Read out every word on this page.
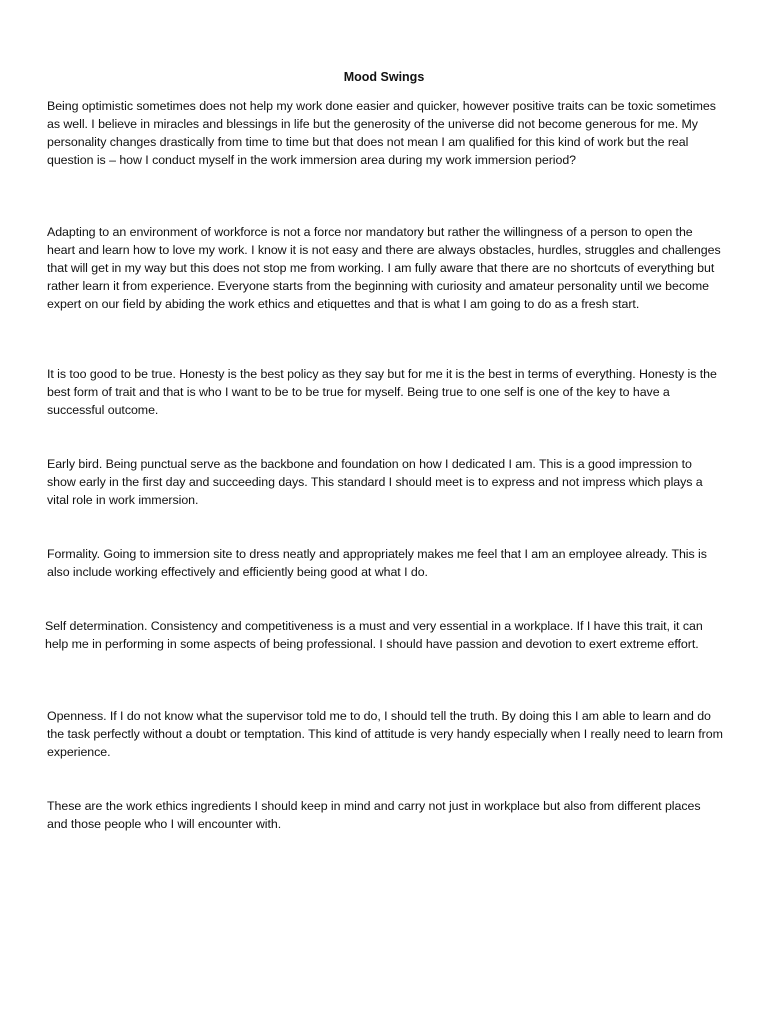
Mood Swings

Being optimistic sometimes does not help my work done easier and quicker, however positive traits can be toxic sometimes as well. I believe in miracles and blessings in life but the generosity of the universe did not become generous for me. My personality changes drastically from time to time but that does not mean I am qualified for this kind of work but the real question is – how I conduct myself in the work immersion area during my work immersion period?

Adapting to an environment of workforce is not a force nor mandatory but rather the willingness of a person to open the heart and learn how to love my work. I know it is not easy and there are always obstacles, hurdles, struggles and challenges that will get in my way but this does not stop me from working. I am fully aware that there are no shortcuts of everything but rather learn it from experience. Everyone starts from the beginning with curiosity and amateur personality until we become expert on our field by abiding the work ethics and etiquettes and that is what I am going to do as a fresh start.

It is too good to be true. Honesty is the best policy as they say but for me it is the best in terms of everything. Honesty is the best form of trait and that is who I want to be to be true for myself. Being true to one self is one of the key to have a successful outcome.

Early bird. Being punctual serve as the backbone and foundation on how I dedicated I am. This is a good impression to show early in the first day and succeeding days. This standard I should meet is to express and not impress which plays a vital role in work immersion.

Formality. Going to immersion site to dress neatly and appropriately makes me feel that I am an employee already. This is also include working effectively and efficiently being good at what I do.

Self determination. Consistency and competitiveness is a must and very essential in a workplace. If I have this trait, it can help me in performing in some aspects of being professional. I should have passion and devotion to exert extreme effort.

Openness. If I do not know what the supervisor told me to do, I should tell the truth. By doing this I am able to learn and do the task perfectly without a doubt or temptation. This kind of attitude is very handy especially when I really need to learn from experience.

These are the work ethics ingredients I should keep in mind and carry not just in workplace but also from different places and those people who I will encounter with.
